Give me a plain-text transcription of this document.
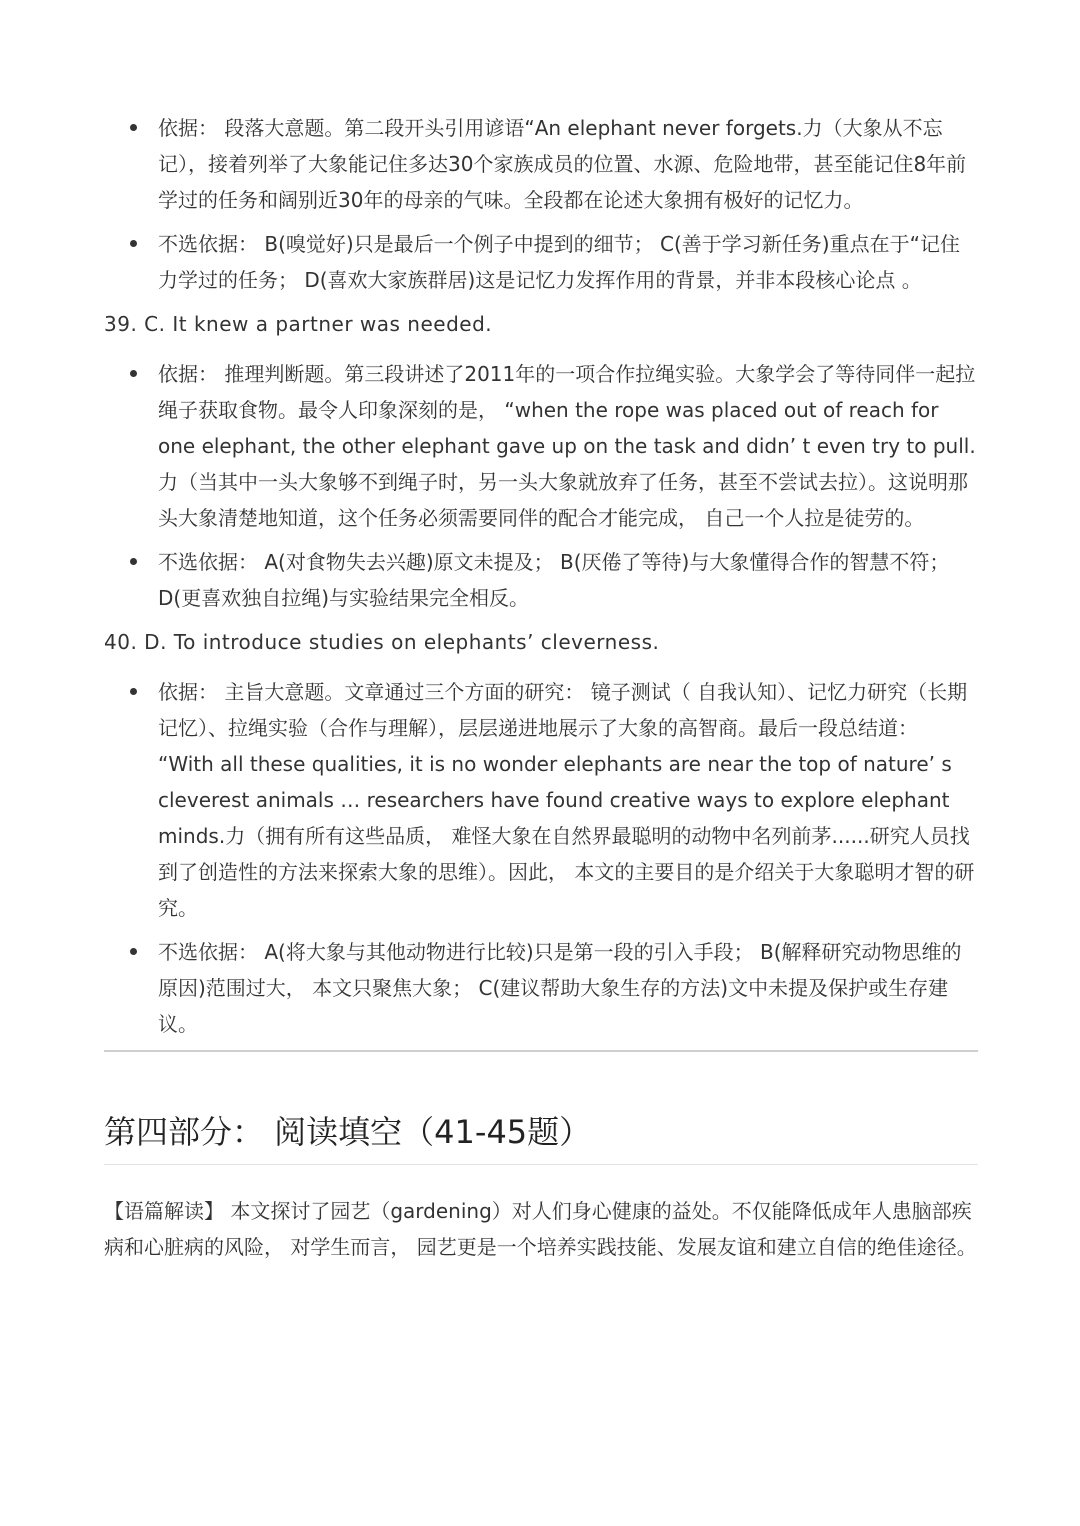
依据： 段落大意题。第二段开头引用谚语“An elephant never forgets.力（大象从不忘记），接着列举了大象能记住多达30个家族成员的位置、水源、危险地带，甚至能记住8年前学过的任务和阔别近30年的母亲的气味。全段都在论述大象拥有极好的记忆力。
不选依据： B(嗅觉好)只是最后一个例子中提到的细节； C(善于学习新任务)重点在于“记住力学过的任务； D(喜欢大家族群居)这是记忆力发挥作用的背景，并非本段核心论点 。
39. C. It knew a partner was needed.
依据： 推理判断题。第三段讲述了2011年的一项合作拉绳实验。大象学会了等待同伴一起拉绳子获取食物。最令人印象深刻的是， “when the rope was placed out of reach for one elephant, the other elephant gave up on the task and didn’ t even try to pull.力（当其中一头大象够不到绳子时，另一头大象就放弃了任务，甚至不尝试去拉）。这说明那头大象清楚地知道，这个任务必须需要同伴的配合才能完成， 自己一个人拉是徒劳的。
不选依据： A(对食物失去兴趣)原文未提及； B(厌倦了等待)与大象懂得合作的智慧不符； D(更喜欢独自拉绳)与实验结果完全相反。
40. D. To introduce studies on elephants’ cleverness.
依据： 主旨大意题。文章通过三个方面的研究： 镜子测试（ 自我认知）、记忆力研究（长期记忆）、拉绳实验（合作与理解），层层递进地展示了大象的高智商。最后一段总结道： “With all these qualities, it is no wonder elephants are near the top of nature’ s cleverest animals … researchers have found creative ways to explore elephant minds.力（拥有所有这些品质， 难怪大象在自然界最聪明的动物中名列前茅......研究人员找到了创造性的方法来探索大象的思维）。因此， 本文的主要目的是介绍关于大象聪明才智的研究。
不选依据： A(将大象与其他动物进行比较)只是第一段的引入手段； B(解释研究动物思维的原因)范围过大， 本文只聚焦大象； C(建议帮助大象生存的方法)文中未提及保护或生存建议。
第四部分： 阅读填空（41-45题）
【语篇解读】 本文探讨了园艺（gardening）对人们身心健康的益处。不仅能降低成年人患脑部疾病和心脏病的风险， 对学生而言， 园艺更是一个培养实践技能、发展友谊和建立自信的绝佳途径。
